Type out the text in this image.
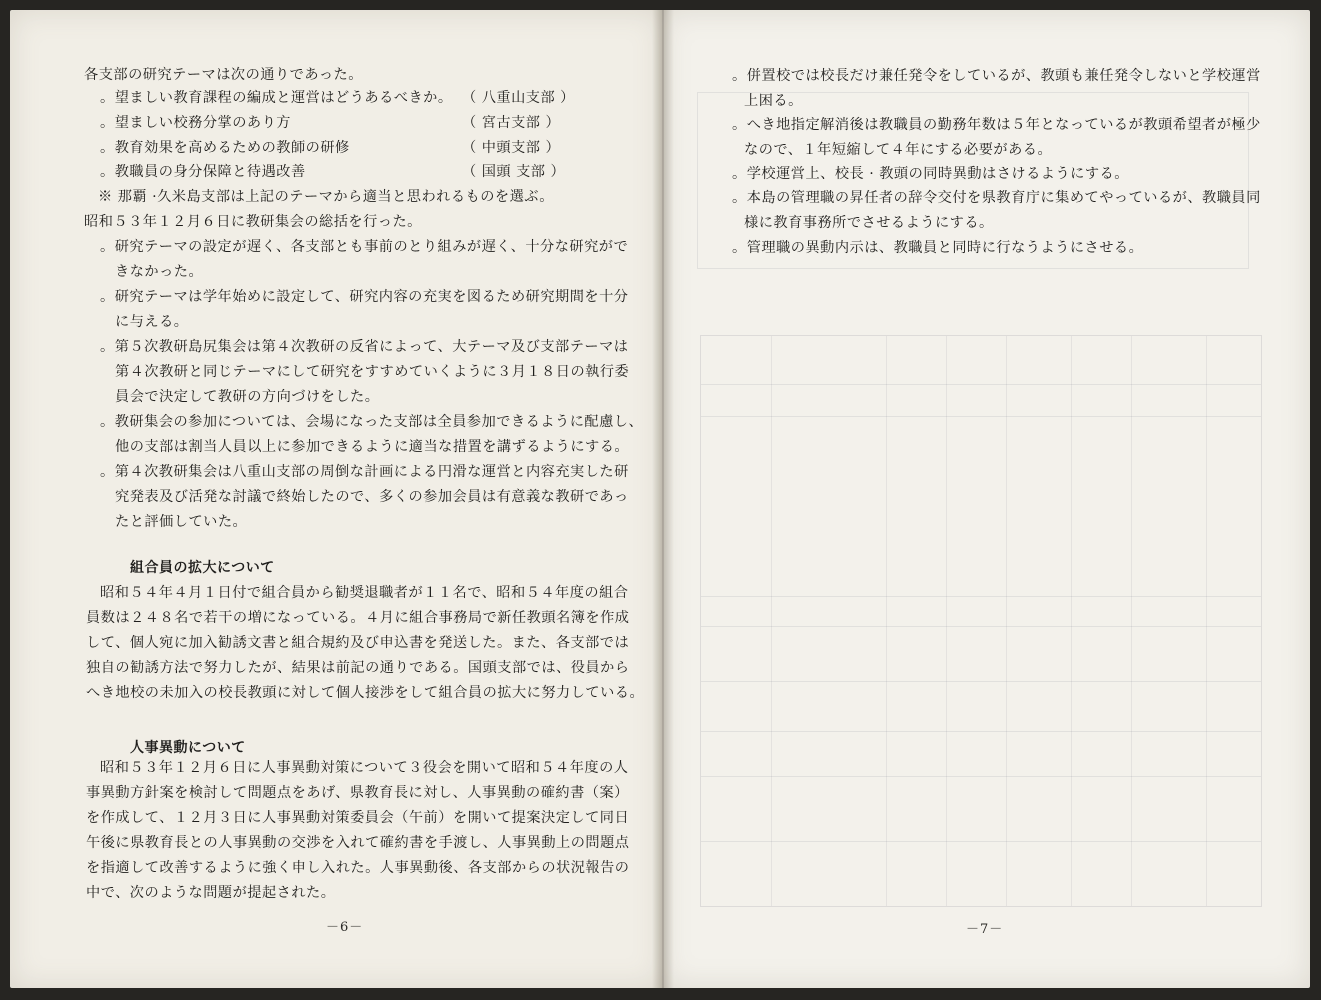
各支部の研究テーマは次の通りであった。
。望ましい教育課程の編成と運営はどうあるべきか。
。望ましい校務分掌のあり方
。教育効果を高めるための教師の研修
。教職員の身分保障と待遇改善
（ 八重山支部 ）
（ 宮古支部 ）
（ 中頭支部 ）
（ 国頭 支部 ）
※ 那覇 ·久米島支部は上記のテーマから適当と思われるものを選ぶ。
昭和５３年１２月６日に教研集会の総括を行った。
。研究テーマの設定が遅く、各支部とも事前のとり組みが遅く、十分な研究がで
きなかった。
。研究テーマは学年始めに設定して、研究内容の充実を図るため研究期間を十分
に与える。
。第５次教研島尻集会は第４次教研の反省によって、大テーマ及び支部テーマは
第４次教研と同じテーマにして研究をすすめていくように３月１８日の執行委
員会で決定して教研の方向づけをした。
。教研集会の参加については、会場になった支部は全員参加できるように配慮し、
他の支部は割当人員以上に参加できるように適当な措置を講ずるようにする。
。第４次教研集会は八重山支部の周倒な計画による円滑な運営と内容充実した研
究発表及び活発な討議で終始したので、多くの参加会員は有意義な教研であっ
たと評価していた。
組合員の拡大について
昭和５４年４月１日付で組合員から勧奨退職者が１１名で、昭和５４年度の組合
員数は２４８名で若干の増になっている。４月に組合事務局で新任教頭名簿を作成
して、個人宛に加入勧誘文書と組合規約及び申込書を発送した。また、各支部では
独自の勧誘方法で努力したが、結果は前記の通りである。国頭支部では、役員から
へき地校の未加入の校長教頭に対して個人接渉をして組合員の拡大に努力している。
人事異動について
昭和５３年１２月６日に人事異動対策について３役会を開いて昭和５４年度の人
事異動方針案を検討して問題点をあげ、県教育長に対し、人事異動の確約書（案）
を作成して、１２月３日に人事異動対策委員会（午前）を開いて提案決定して同日
午後に県教育長との人事異動の交渉を入れて確約書を手渡し、人事異動上の問題点
を指適して改善するように強く申し入れた。人事異動後、各支部からの状況報告の
中で、次のような問題が提起された。
－6－
。併置校では校長だけ兼任発令をしているが、教頭も兼任発令しないと学校運営
上困る。
。へき地指定解消後は教職員の勤務年数は５年となっているが教頭希望者が極少
なので、１年短縮して４年にする必要がある。
。学校運営上、校長 · 教頭の同時異動はさけるようにする。
。本島の管理職の昇任者の辞令交付を県教育庁に集めてやっているが、教職員同
様に教育事務所でさせるようにする。
。管理職の異動内示は、教職員と同時に行なうようにさせる。
－7－
